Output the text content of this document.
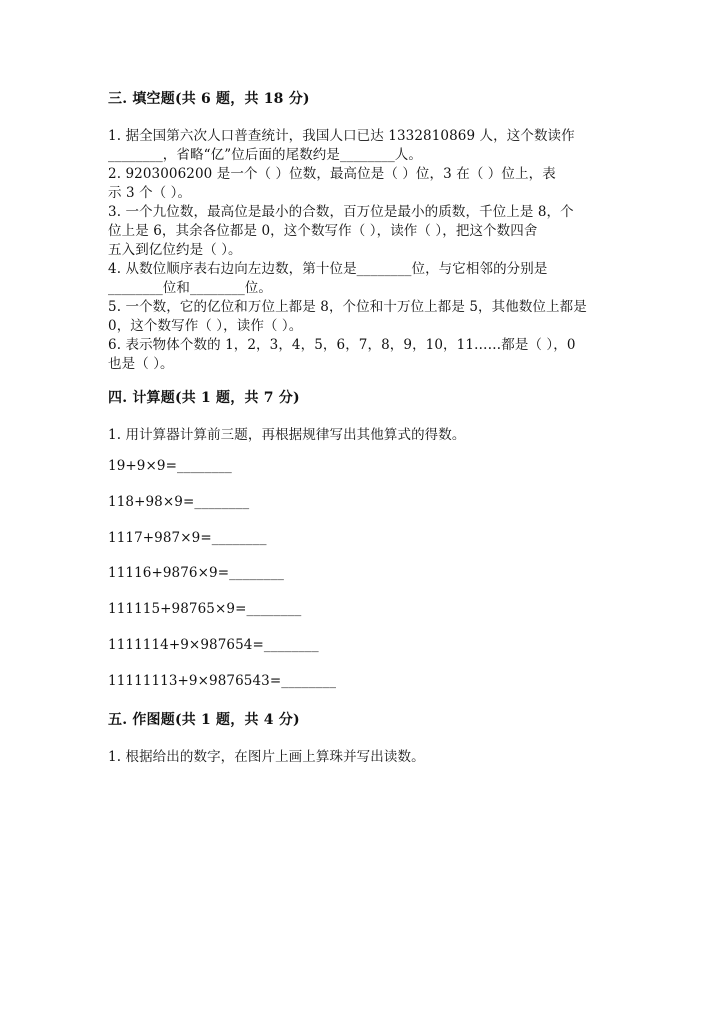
三. 填空题(共 6 题，共 18 分)
1. 据全国第六次人口普查统计，我国人口已达 1332810869 人，这个数读作
________，省略“亿”位后面的尾数约是________人。
2. 9203006200 是一个（ ）位数，最高位是（ ）位，3 在（ ）位上，表
示 3 个（ ）。
3. 一个九位数，最高位是最小的合数，百万位是最小的质数，千位上是 8，个
位上是 6，其余各位都是 0，这个数写作（ ），读作（ ），把这个数四舍
五入到亿位约是（ ）。
4. 从数位顺序表右边向左边数，第十位是________位，与它相邻的分别是
________位和________位。
5. 一个数，它的亿位和万位上都是 8，个位和十万位上都是 5，其他数位上都是
0，这个数写作（ ），读作（ ）。
6. 表示物体个数的 1，2，3，4，5，6，7，8，9，10，11……都是（ ），0
也是（ ）。
四. 计算题(共 1 题，共 7 分)
1. 用计算器计算前三题，再根据规律写出其他算式的得数。
19+9×9=________
118+98×9=________
1117+987×9=________
11116+9876×9=________
111115+98765×9=________
1111114+9×987654=________
11111113+9×9876543=________
五. 作图题(共 1 题，共 4 分)
1. 根据给出的数字，在图片上画上算珠并写出读数。
